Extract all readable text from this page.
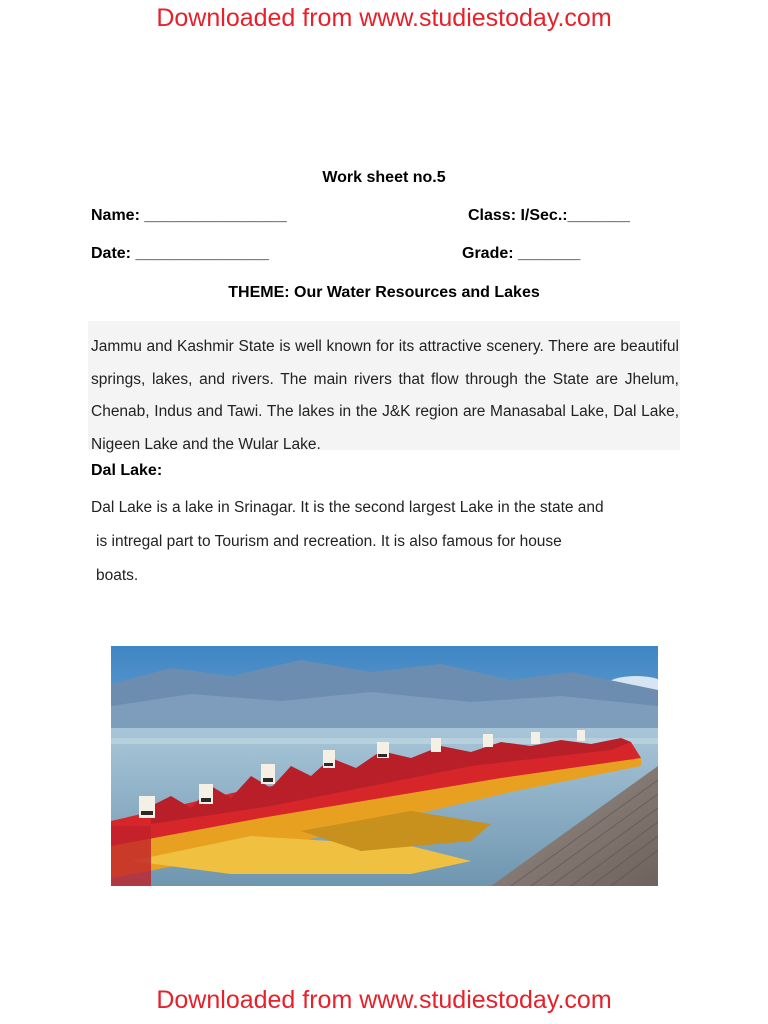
Downloaded from www.studiestoday.com
Work sheet no.5
Name: ________________	Class: I/Sec.:_______
Date: _______________	Grade: _______
THEME: Our Water Resources and Lakes
Jammu and Kashmir State is well known for its attractive scenery. There are beautiful springs, lakes, and rivers. The main rivers that flow through the State are Jhelum, Chenab, Indus and Tawi. The lakes in the J&K region are Manasabal Lake, Dal Lake, Nigeen Lake and the Wular Lake.
Dal Lake:
Dal Lake is a lake in Srinagar. It is the second largest Lake in the state and
is intregal part to Tourism and recreation. It is also famous for house
boats.
Downloaded from www.studiestoday.com
